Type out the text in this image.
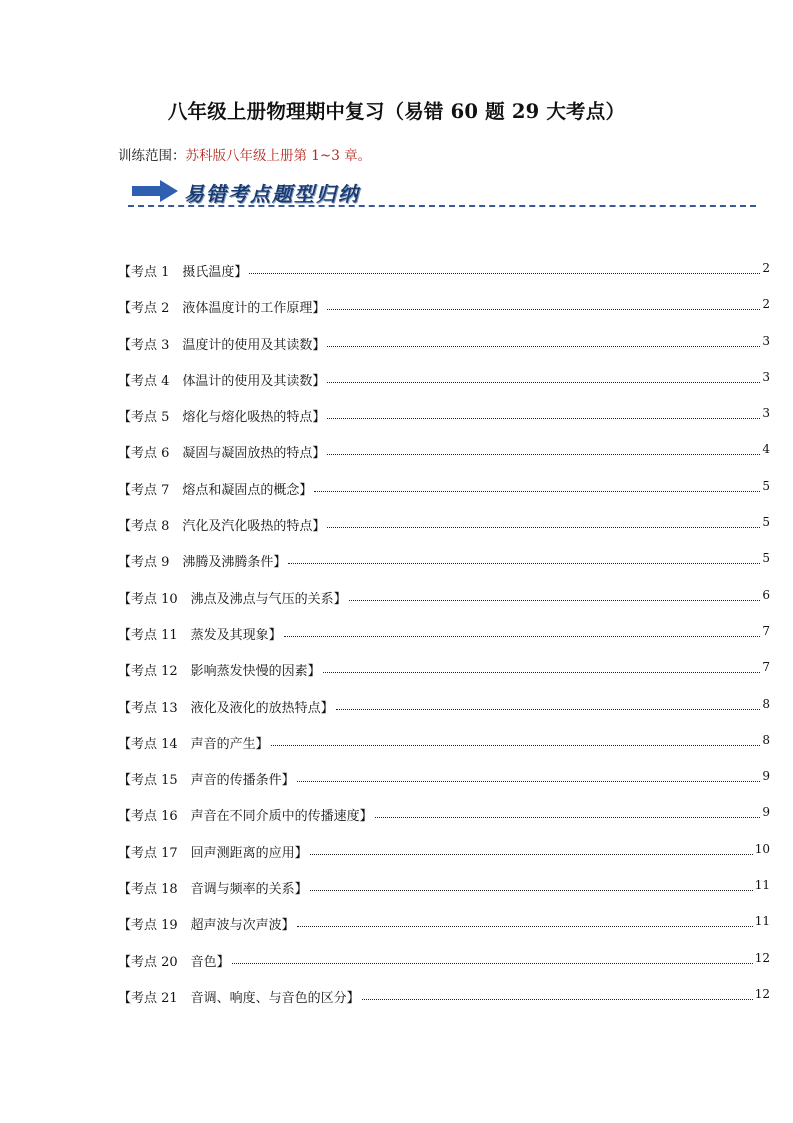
八年级上册物理期中复习（易错 60 题 29 大考点）
训练范围：苏科版八年级上册第 1~3 章。
易错考点题型归纳
【考点 1　摄氏温度】	2
【考点 2　液体温度计的工作原理】	2
【考点 3　温度计的使用及其读数】	3
【考点 4　体温计的使用及其读数】	3
【考点 5　熔化与熔化吸热的特点】	3
【考点 6　凝固与凝固放热的特点】	4
【考点 7　熔点和凝固点的概念】	5
【考点 8　汽化及汽化吸热的特点】	5
【考点 9　沸腾及沸腾条件】	5
【考点 10　沸点及沸点与气压的关系】	6
【考点 11　蒸发及其现象】	7
【考点 12　影响蒸发快慢的因素】	7
【考点 13　液化及液化的放热特点】	8
【考点 14　声音的产生】	8
【考点 15　声音的传播条件】	9
【考点 16　声音在不同介质中的传播速度】	9
【考点 17　回声测距离的应用】	10
【考点 18　音调与频率的关系】	11
【考点 19　超声波与次声波】	11
【考点 20　音色】	12
【考点 21　音调、响度、与音色的区分】	12
